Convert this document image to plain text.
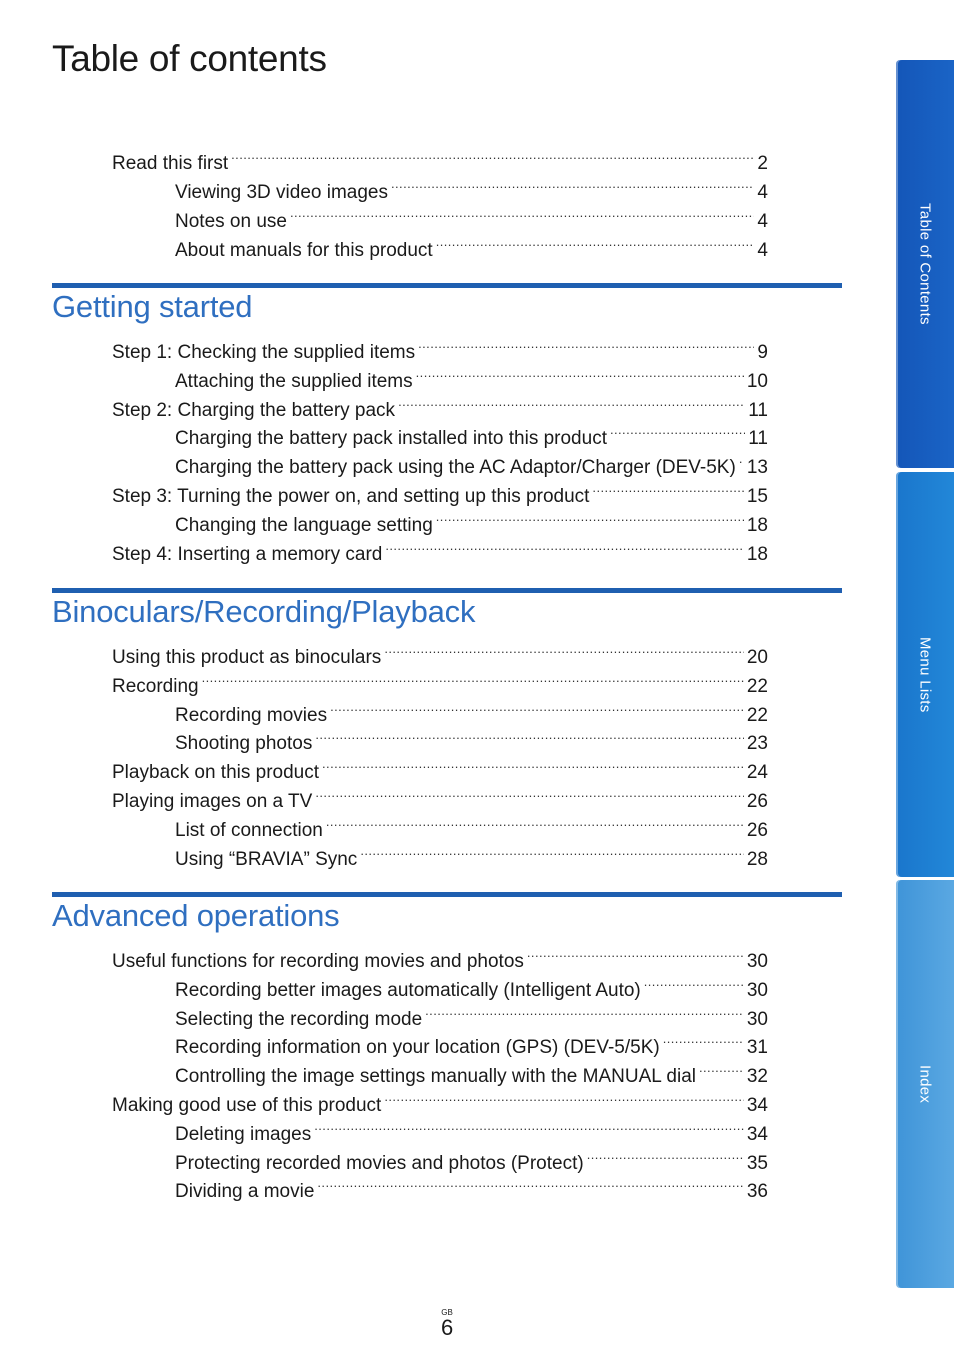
Table of contents
Read this first . . .	2
Viewing 3D video images . . .	4
Notes on use . . .	4
About manuals for this product . . .	4
Getting started
Step 1: Checking the supplied items . . .	9
Attaching the supplied items . . .	10
Step 2: Charging the battery pack . . .	11
Charging the battery pack installed into this product . . .	11
Charging the battery pack using the AC Adaptor/Charger (DEV-5K) . . . 13
Step 3: Turning the power on, and setting up this product . . .	15
Changing the language setting . . .	18
Step 4: Inserting a memory card . . .	18
Binoculars/Recording/Playback
Using this product as binoculars . . .	20
Recording . . .	22
Recording movies . . .	22
Shooting photos . . .	23
Playback on this product . . .	24
Playing images on a TV . . .	26
List of connection . . .	26
Using “BRAVIA” Sync . . .	28
Advanced operations
Useful functions for recording movies and photos . . .	30
Recording better images automatically (Intelligent Auto) . . .	30
Selecting the recording mode . . .	30
Recording information on your location (GPS) (DEV-5/5K) . . .	31
Controlling the image settings manually with the MANUAL dial . . .	32
Making good use of this product . . .	34
Deleting images . . .	34
Protecting recorded movies and photos (Protect) . . .	35
Dividing a movie . . .	36
Table of Contents
Menu Lists
Index
GB
6
